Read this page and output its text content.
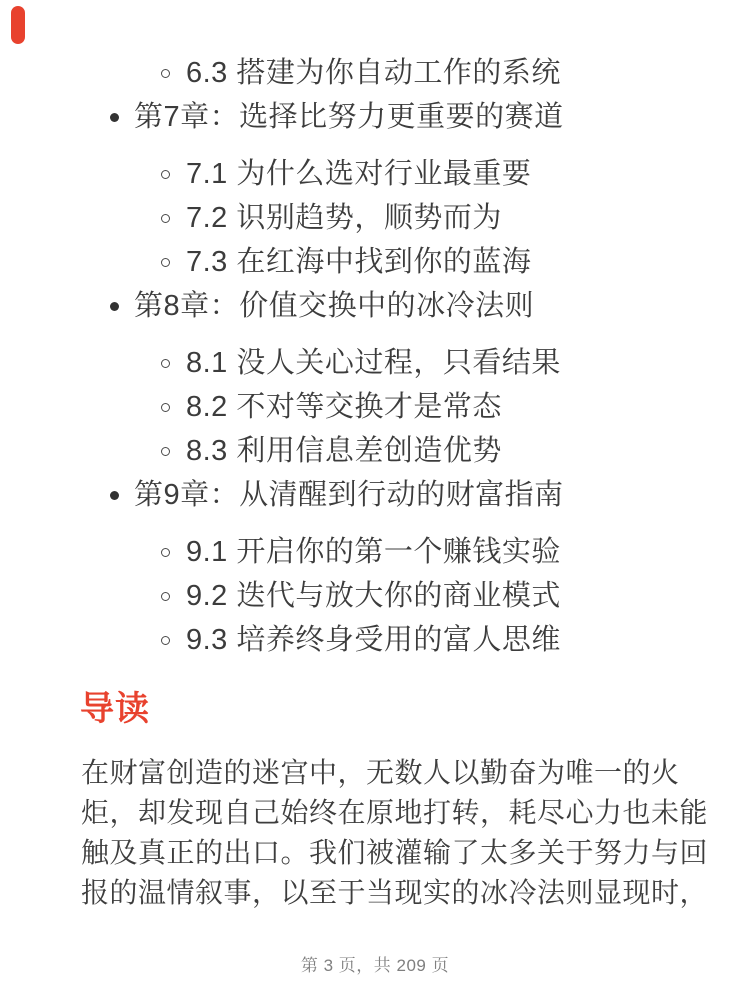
6.3 搭建为你自动工作的系统
第7章：选择比努力更重要的赛道
7.1 为什么选对行业最重要
7.2 识别趋势，顺势而为
7.3 在红海中找到你的蓝海
第8章：价值交换中的冰冷法则
8.1 没人关心过程，只看结果
8.2 不对等交换才是常态
8.3 利用信息差创造优势
第9章：从清醒到行动的财富指南
9.1 开启你的第一个赚钱实验
9.2 迭代与放大你的商业模式
9.3 培养终身受用的富人思维
导读
在财富创造的迷宫中，无数人以勤奋为唯一的火
炬，却发现自己始终在原地打转，耗尽心力也未能
触及真正的出口。我们被灌输了太多关于努力与回
报的温情叙事，以至于当现实的冰冷法则显现时，
第 3 页，共 209 页
